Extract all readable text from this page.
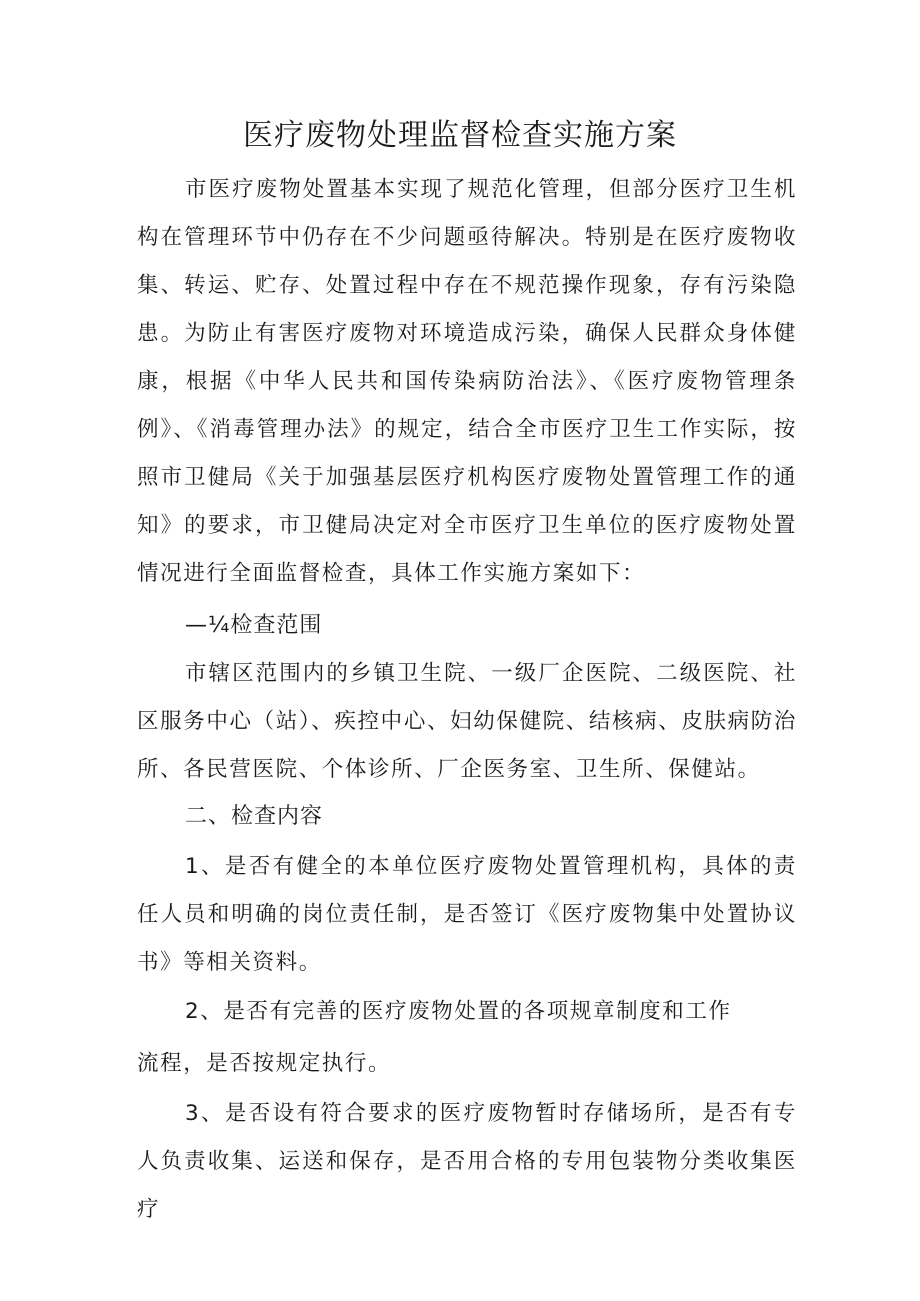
医疗废物处理监督检查实施方案
市医疗废物处置基本实现了规范化管理，但部分医疗卫生机构在管理环节中仍存在不少问题亟待解决。特别是在医疗废物收集、转运、贮存、处置过程中存在不规范操作现象，存有污染隐患。为防止有害医疗废物对环境造成污染，确保人民群众身体健康，根据《中华人民共和国传染病防治法》、《医疗废物管理条例》、《消毒管理办法》的规定，结合全市医疗卫生工作实际，按照市卫健局《关于加强基层医疗机构医疗废物处置管理工作的通知》的要求，市卫健局决定对全市医疗卫生单位的医疗废物处置情况进行全面监督检查，具体工作实施方案如下：
—¼检查范围
市辖区范围内的乡镇卫生院、一级厂企医院、二级医院、社区服务中心（站）、疾控中心、妇幼保健院、结核病、皮肤病防治所、各民营医院、个体诊所、厂企医务室、卫生所、保健站。
二、检查内容
1、是否有健全的本单位医疗废物处置管理机构，具体的责任人员和明确的岗位责任制，是否签订《医疗废物集中处置协议书》等相关资料。
2、是否有完善的医疗废物处置的各项规章制度和工作
流程，是否按规定执行。
3、是否设有符合要求的医疗废物暂时存储场所，是否有专人负责收集、运送和保存，是否用合格的专用包装物分类收集医疗
